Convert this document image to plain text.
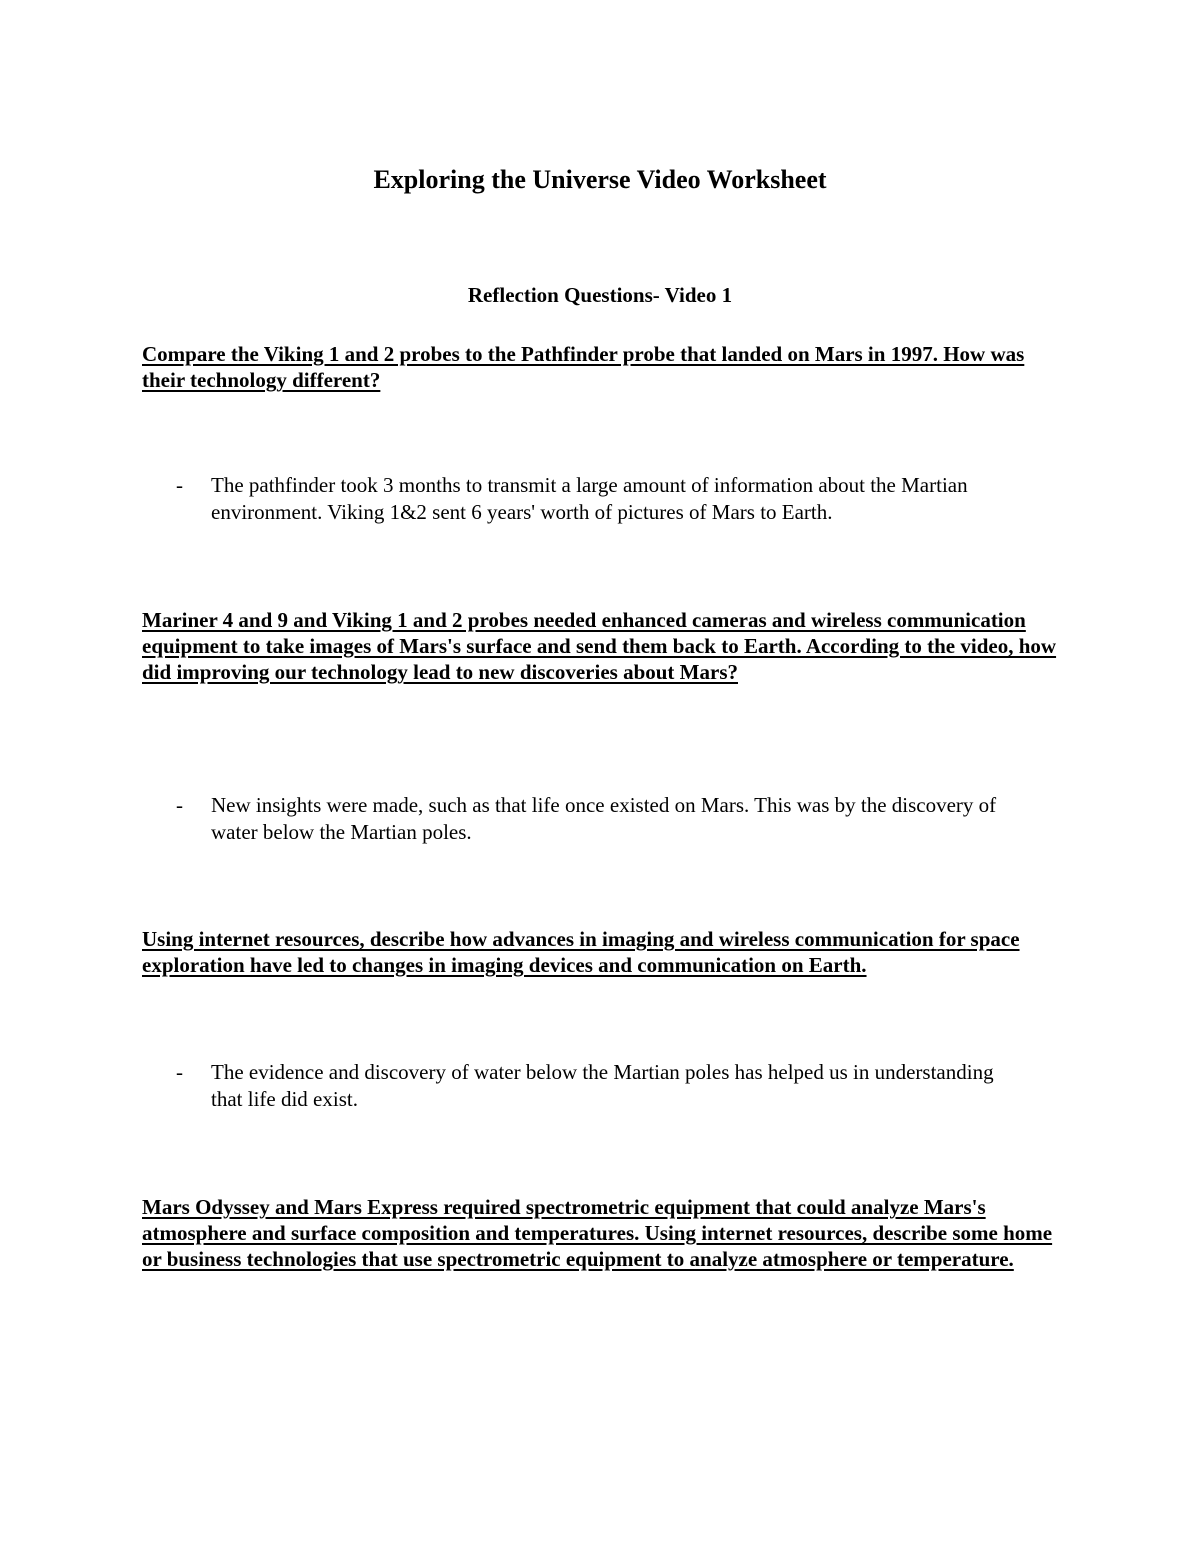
Exploring the Universe Video Worksheet
Reflection Questions- Video 1

Compare the Viking 1 and 2 probes to the Pathfinder probe that landed on Mars in 1997. How was their technology different?

-	The pathfinder took 3 months to transmit a large amount of information about the Martian environment. Viking 1&2 sent 6 years' worth of pictures of Mars to Earth.

Mariner 4 and 9 and Viking 1 and 2 probes needed enhanced cameras and wireless communication equipment to take images of Mars's surface and send them back to Earth. According to the video, how did improving our technology lead to new discoveries about Mars?

-	New insights were made, such as that life once existed on Mars. This was by the discovery of water below the Martian poles.

Using internet resources, describe how advances in imaging and wireless communication for space exploration have led to changes in imaging devices and communication on Earth.

-	The evidence and discovery of water below the Martian poles has helped us in understanding that life did exist.

Mars Odyssey and Mars Express required spectrometric equipment that could analyze Mars's atmosphere and surface composition and temperatures. Using internet resources, describe some home or business technologies that use spectrometric equipment to analyze atmosphere or temperature.
